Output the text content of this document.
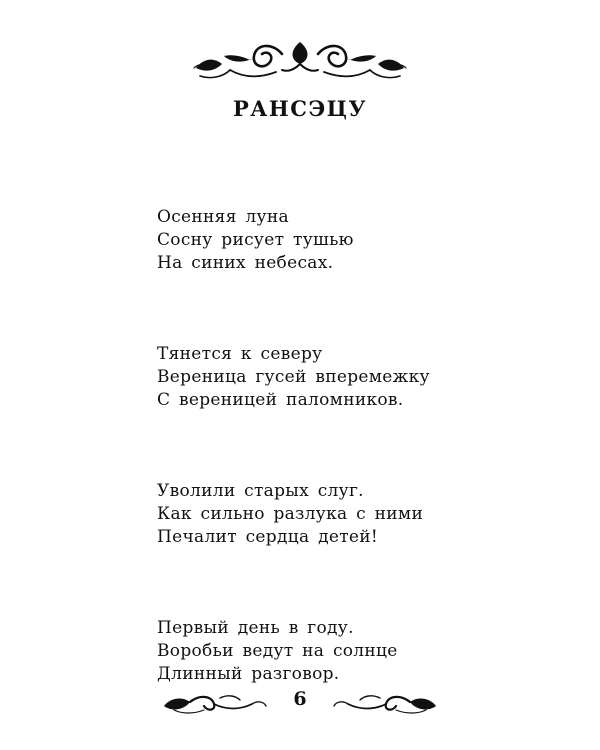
РАНСЭЦУ
Осенняя луна
Сосну рисует тушью
На синих небесах.
Тянется к северу
Вереница гусей вперемежку
С вереницей паломников.
Уволили старых слуг.
Как сильно разлука с ними
Печалит сердца детей!
Первый день в году.
Воробьи ведут на солнце
Длинный разговор.
6
